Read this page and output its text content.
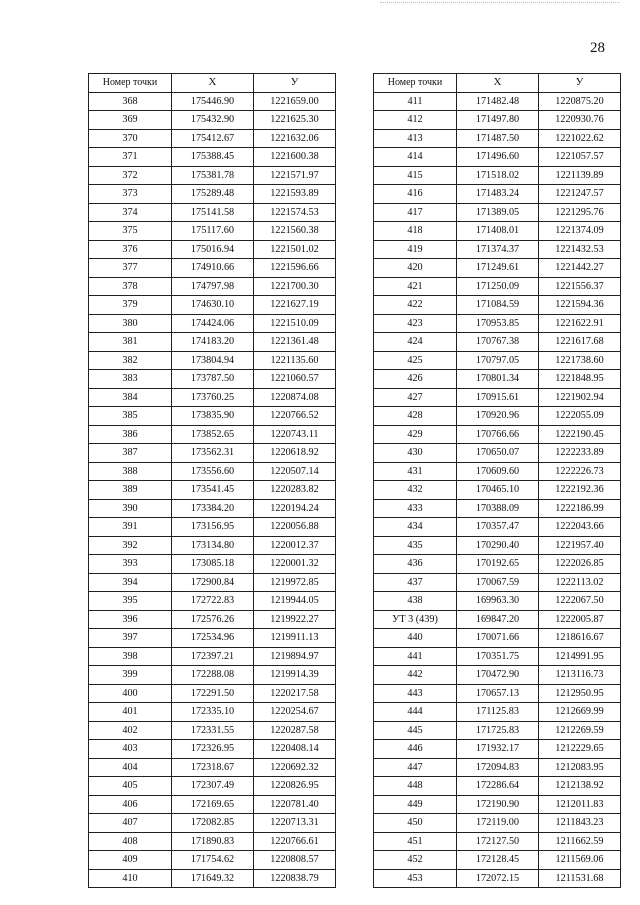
28
Номер точки	X	У
368	175446.90	1221659.00
369	175432.90	1221625.30
370	175412.67	1221632.06
371	175388.45	1221600.38
372	175381.78	1221571.97
373	175289.48	1221593.89
374	175141.58	1221574.53
375	175117.60	1221560.38
376	175016.94	1221501.02
377	174910.66	1221596.66
378	174797.98	1221700.30
379	174630.10	1221627.19
380	174424.06	1221510.09
381	174183.20	1221361.48
382	173804.94	1221135.60
383	173787.50	1221060.57
384	173760.25	1220874.08
385	173835.90	1220766.52
386	173852.65	1220743.11
387	173562.31	1220618.92
388	173556.60	1220507.14
389	173541.45	1220283.82
390	173384.20	1220194.24
391	173156.95	1220056.88
392	173134.80	1220012.37
393	173085.18	1220001.32
394	172900.84	1219972.85
395	172722.83	1219944.05
396	172576.26	1219922.27
397	172534.96	1219911.13
398	172397.21	1219894.97
399	172288.08	1219914.39
400	172291.50	1220217.58
401	172335.10	1220254.67
402	172331.55	1220287.58
403	172326.95	1220408.14
404	172318.67	1220692.32
405	172307.49	1220826.95
406	172169.65	1220781.40
407	172082.85	1220713.31
408	171890.83	1220766.61
409	171754.62	1220808.57
410	171649.32	1220838.79
Номер точки	X	У
411	171482.48	1220875.20
412	171497.80	1220930.76
413	171487.50	1221022.62
414	171496.60	1221057.57
415	171518.02	1221139.89
416	171483.24	1221247.57
417	171389.05	1221295.76
418	171408.01	1221374.09
419	171374.37	1221432.53
420	171249.61	1221442.27
421	171250.09	1221556.37
422	171084.59	1221594.36
423	170953.85	1221622.91
424	170767.38	1221617.68
425	170797.05	1221738.60
426	170801.34	1221848.95
427	170915.61	1221902.94
428	170920.96	1222055.09
429	170766.66	1222190.45
430	170650.07	1222233.89
431	170609.60	1222226.73
432	170465.10	1222192.36
433	170388.09	1222186.99
434	170357.47	1222043.66
435	170290.40	1221957.40
436	170192.65	1222026.85
437	170067.59	1222113.02
438	169963.30	1222067.50
УТ 3 (439)	169847.20	1222005.87
440	170071.66	1218616.67
441	170351.75	1214991.95
442	170472.90	1213116.73
443	170657.13	1212950.95
444	171125.83	1212669.99
445	171725.83	1212269.59
446	171932.17	1212229.65
447	172094.83	1212083.95
448	172286.64	1212138.92
449	172190.90	1212011.83
450	172119.00	1211843.23
451	172127.50	1211662.59
452	172128.45	1211569.06
453	172072.15	1211531.68
